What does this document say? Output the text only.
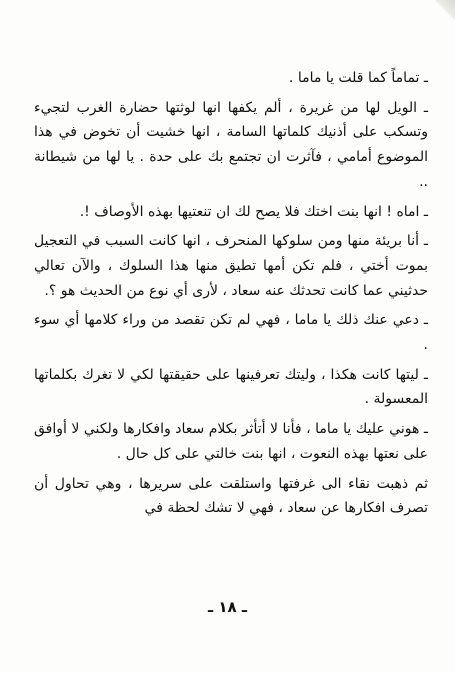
ـ تماماً كما قلت يا ماما .

ـ الويل لها من غريرة ، ألم يكفها انها لوثتها حضارة الغرب لتجيء وتسكب على أذنيك كلماتها السامة ، انها خشيت أن تخوض في هذا الموضوع أمامي ، فآثرت ان تجتمع بك على حدة . يا لها من شيطانة ..

ـ اماه ! انها بنت اختك فلا يصح لك ان تنعتيها بهذه الأوصاف !.

ـ أنا بريئة منها ومن سلوكها المنحرف ، انها كانت السبب في التعجيل بموت أختي ، فلم تكن أمها تطيق منها هذا السلوك ، والآن تعالي حدثيني عما كانت تحدثك عنه سعاد ، لأرى أي نوع من الحديث هو ؟.

ـ دعي عنك ذلك يا ماما ، فهي لم تكن تقصد من وراء كلامها أي سوء .

ـ ليتها كانت هكذا ، وليتك تعرفينها على حقيقتها لكي لا تغرك بكلماتها المعسولة .

ـ هوني عليك يا ماما ، فأنا لا أتأثر بكلام سعاد وافكارها ولكني لا أوافق على نعتها بهذه النعوت ، انها بنت خالتي على كل حال .

ثم ذهبت نقاء الى غرفتها واستلقت على سريرها ، وهي تحاول أن تصرف افكارها عن سعاد ، فهي لا تشك لحظة في

ـ ١٨ ـ
